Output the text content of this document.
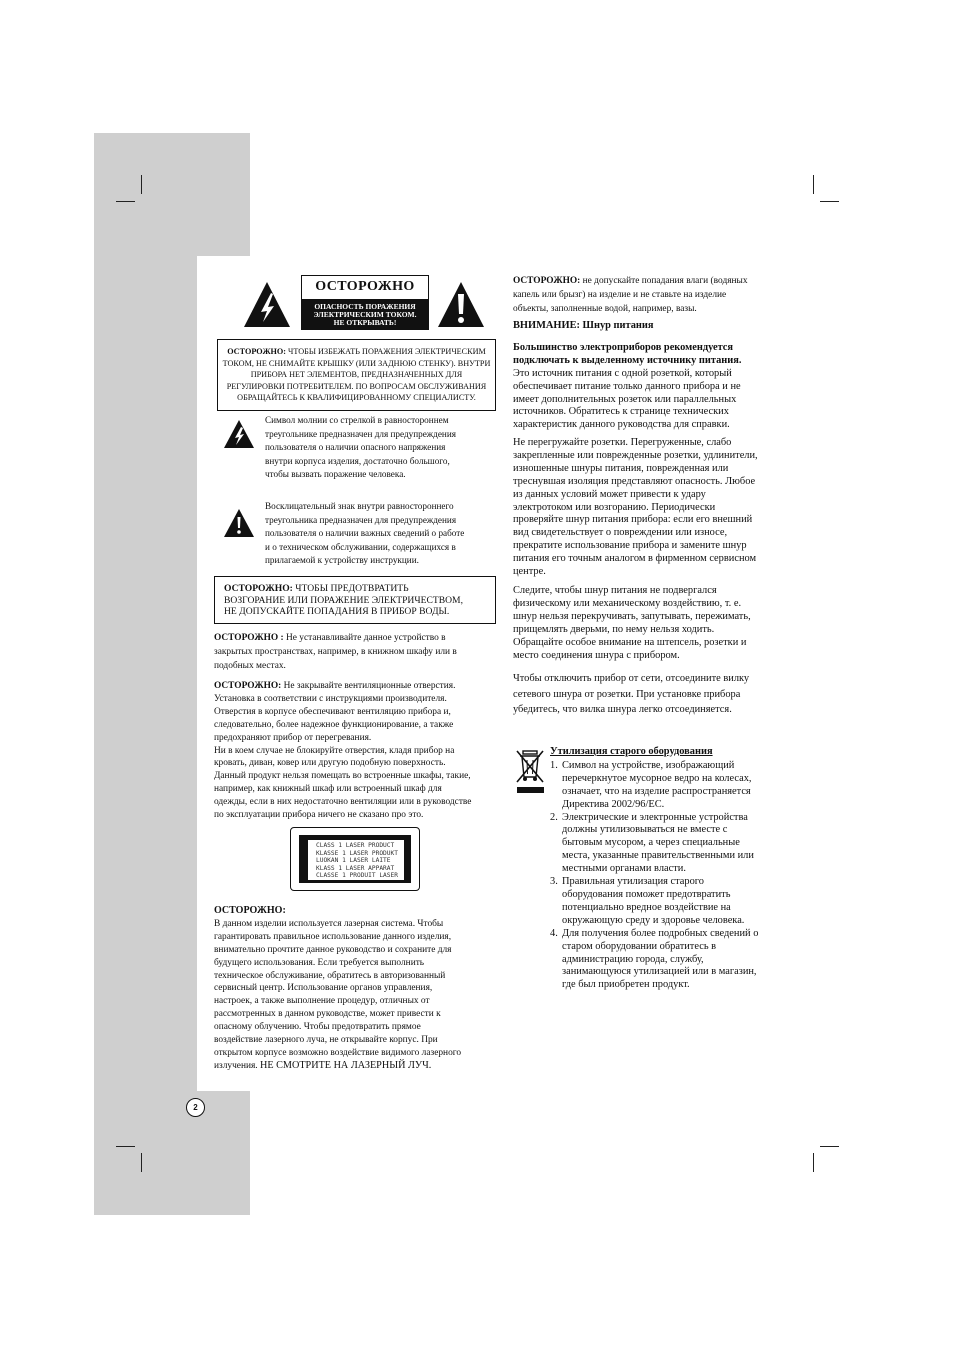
ОСТОРОЖНО
ОПАСНОСТЬ ПОРАЖЕНИЯ
ЭЛЕКТРИЧЕСКИМ ТОКОМ.
НЕ ОТКРЫВАТЬ!
ОСТОРОЖНО: ЧТОБЫ ИЗБЕЖАТЬ ПОРАЖЕНИЯ ЭЛЕКТРИЧЕСКИМ
ТОКОМ, НЕ СНИМАЙТЕ КРЫШКУ (ИЛИ ЗАДНЮЮ СТЕНКУ). ВНУТРИ
ПРИБОРА НЕТ ЭЛЕМЕНТОВ, ПРЕДНАЗНАЧЕННЫХ ДЛЯ
РЕГУЛИРОВКИ ПОТРЕБИТЕЛЕМ. ПО ВОПРОСАМ ОБСЛУЖИВАНИЯ
ОБРАЩАЙТЕСЬ К КВАЛИФИЦИРОВАННОМУ СПЕЦИАЛИСТУ.
Символ молнии со стрелкой в равностороннем
треугольнике предназначен для предупреждения
пользователя о наличии опасного напряжения
внутри корпуса изделия, достаточно большого,
чтобы вызвать поражение человека.
Восклицательный знак внутри равностороннего
треугольника предназначен для предупреждения
пользователя о наличии важных сведений о работе
и о техническом обслуживании, содержащихся в
прилагаемой к устройству инструкции.
ОСТОРОЖНО: ЧТОБЫ ПРЕДОТВРАТИТЬ
ВОЗГОРАНИЕ ИЛИ ПОРАЖЕНИЕ ЭЛЕКТРИЧЕСТВОМ,
НЕ ДОПУСКАЙТЕ ПОПАДАНИЯ В ПРИБОР ВОДЫ.
ОСТОРОЖНО : Не устанавливайте данное устройство в
закрытых пространствах, например, в книжном шкафу или в
подобных местах.
ОСТОРОЖНО: Не закрывайте вентиляционные отверстия.
Установка в соответствии с инструкциями производителя.
Отверстия в корпусе обеспечивают вентиляцию прибора и,
следовательно, более надежное функционирование, а также
предохраняют прибор от перегревания.
Ни в коем случае не блокируйте отверстия, кладя прибор на
кровать, диван, ковер или другую подобную поверхность.
Данный продукт нельзя помещать во встроенные шкафы, такие,
например, как книжный шкаф или встроенный шкаф для
одежды, если в них недостаточно вентиляции или в руководстве
по эксплуатации прибора ничего не сказано про это.
CLASS 1 LASER PRODUCT
KLASSE 1 LASER PRODUKT
LUOKAN 1 LASER LAITE
KLASS 1 LASER APPARAT
CLASSE 1 PRODUIT LASER
ОСТОРОЖНО:
В данном изделии используется лазерная система. Чтобы
гарантировать правильное использование данного изделия,
внимательно прочтите данное руководство и сохраните для
будущего использования. Если требуется выполнить
техническое обслуживание, обратитесь в авторизованный
сервисный центр. Использование органов управления,
настроек, а также выполнение процедур, отличных от
рассмотренных в данном руководстве, может привести к
опасному облучению. Чтобы предотвратить прямое
воздействие лазерного луча, не открывайте корпус. При
открытом корпусе возможно воздействие видимого лазерного
излучения. НЕ СМОТРИТЕ НА ЛАЗЕРНЫЙ ЛУЧ.
ОСТОРОЖНО: не допускайте попадания влаги (водяных
капель или брызг) на изделие и не ставьте на изделие
объекты, заполненные водой, например, вазы.
ВНИМАНИЕ: Шнур питания
Большинство электроприборов рекомендуется
подключать к выделенному источнику питания.
Это источник питания с одной розеткой, который
обеспечивает питание только данного прибора и не
имеет дополнительных розеток или параллельных
источников. Обратитесь к странице технических
характеристик данного руководства для справки.
Не перегружайте розетки. Перегруженные, слабо
закрепленные или поврежденные розетки, удлинители,
изношенные шнуры питания, поврежденная или
треснувшая изоляция представляют опасность. Любое
из данных условий может привести к удару
электротоком или возгоранию. Периодически
проверяйте шнур питания прибора: если его внешний
вид свидетельствует о повреждении или износе,
прекратите использование прибора и замените шнур
питания его точным аналогом в фирменном сервисном
центре.
Следите, чтобы шнур питания не подвергался
физическому или механическому воздействию, т. е.
шнур нельзя перекручивать, запутывать, пережимать,
прищемлять дверьми, по нему нельзя ходить.
Обращайте особое внимание на штепсель, розетки и
место соединения шнура с прибором.
Чтобы отключить прибор от сети, отсоедините вилку
сетевого шнура от розетки. При установке прибора
убедитесь, что вилка шнура легко отсоединяется.
Утилизация старого оборудования
1. Символ на устройстве, изображающий
перечеркнутое мусорное ведро на колесах,
означает, что на изделие распространяется
Директива 2002/96/EC.
2. Электрические и электронные устройства
должны утилизовываться не вместе с
бытовым мусором, а через специальные
места, указанные правительственными или
местными органами власти.
3. Правильная утилизация старого
оборудования поможет предотвратить
потенциально вредное воздействие на
окружающую среду и здоровье человека.
4. Для получения более подробных сведений о
старом оборудовании обратитесь в
администрацию города, службу,
занимающуюся утилизацией или в магазин,
где был приобретен продукт.
2
